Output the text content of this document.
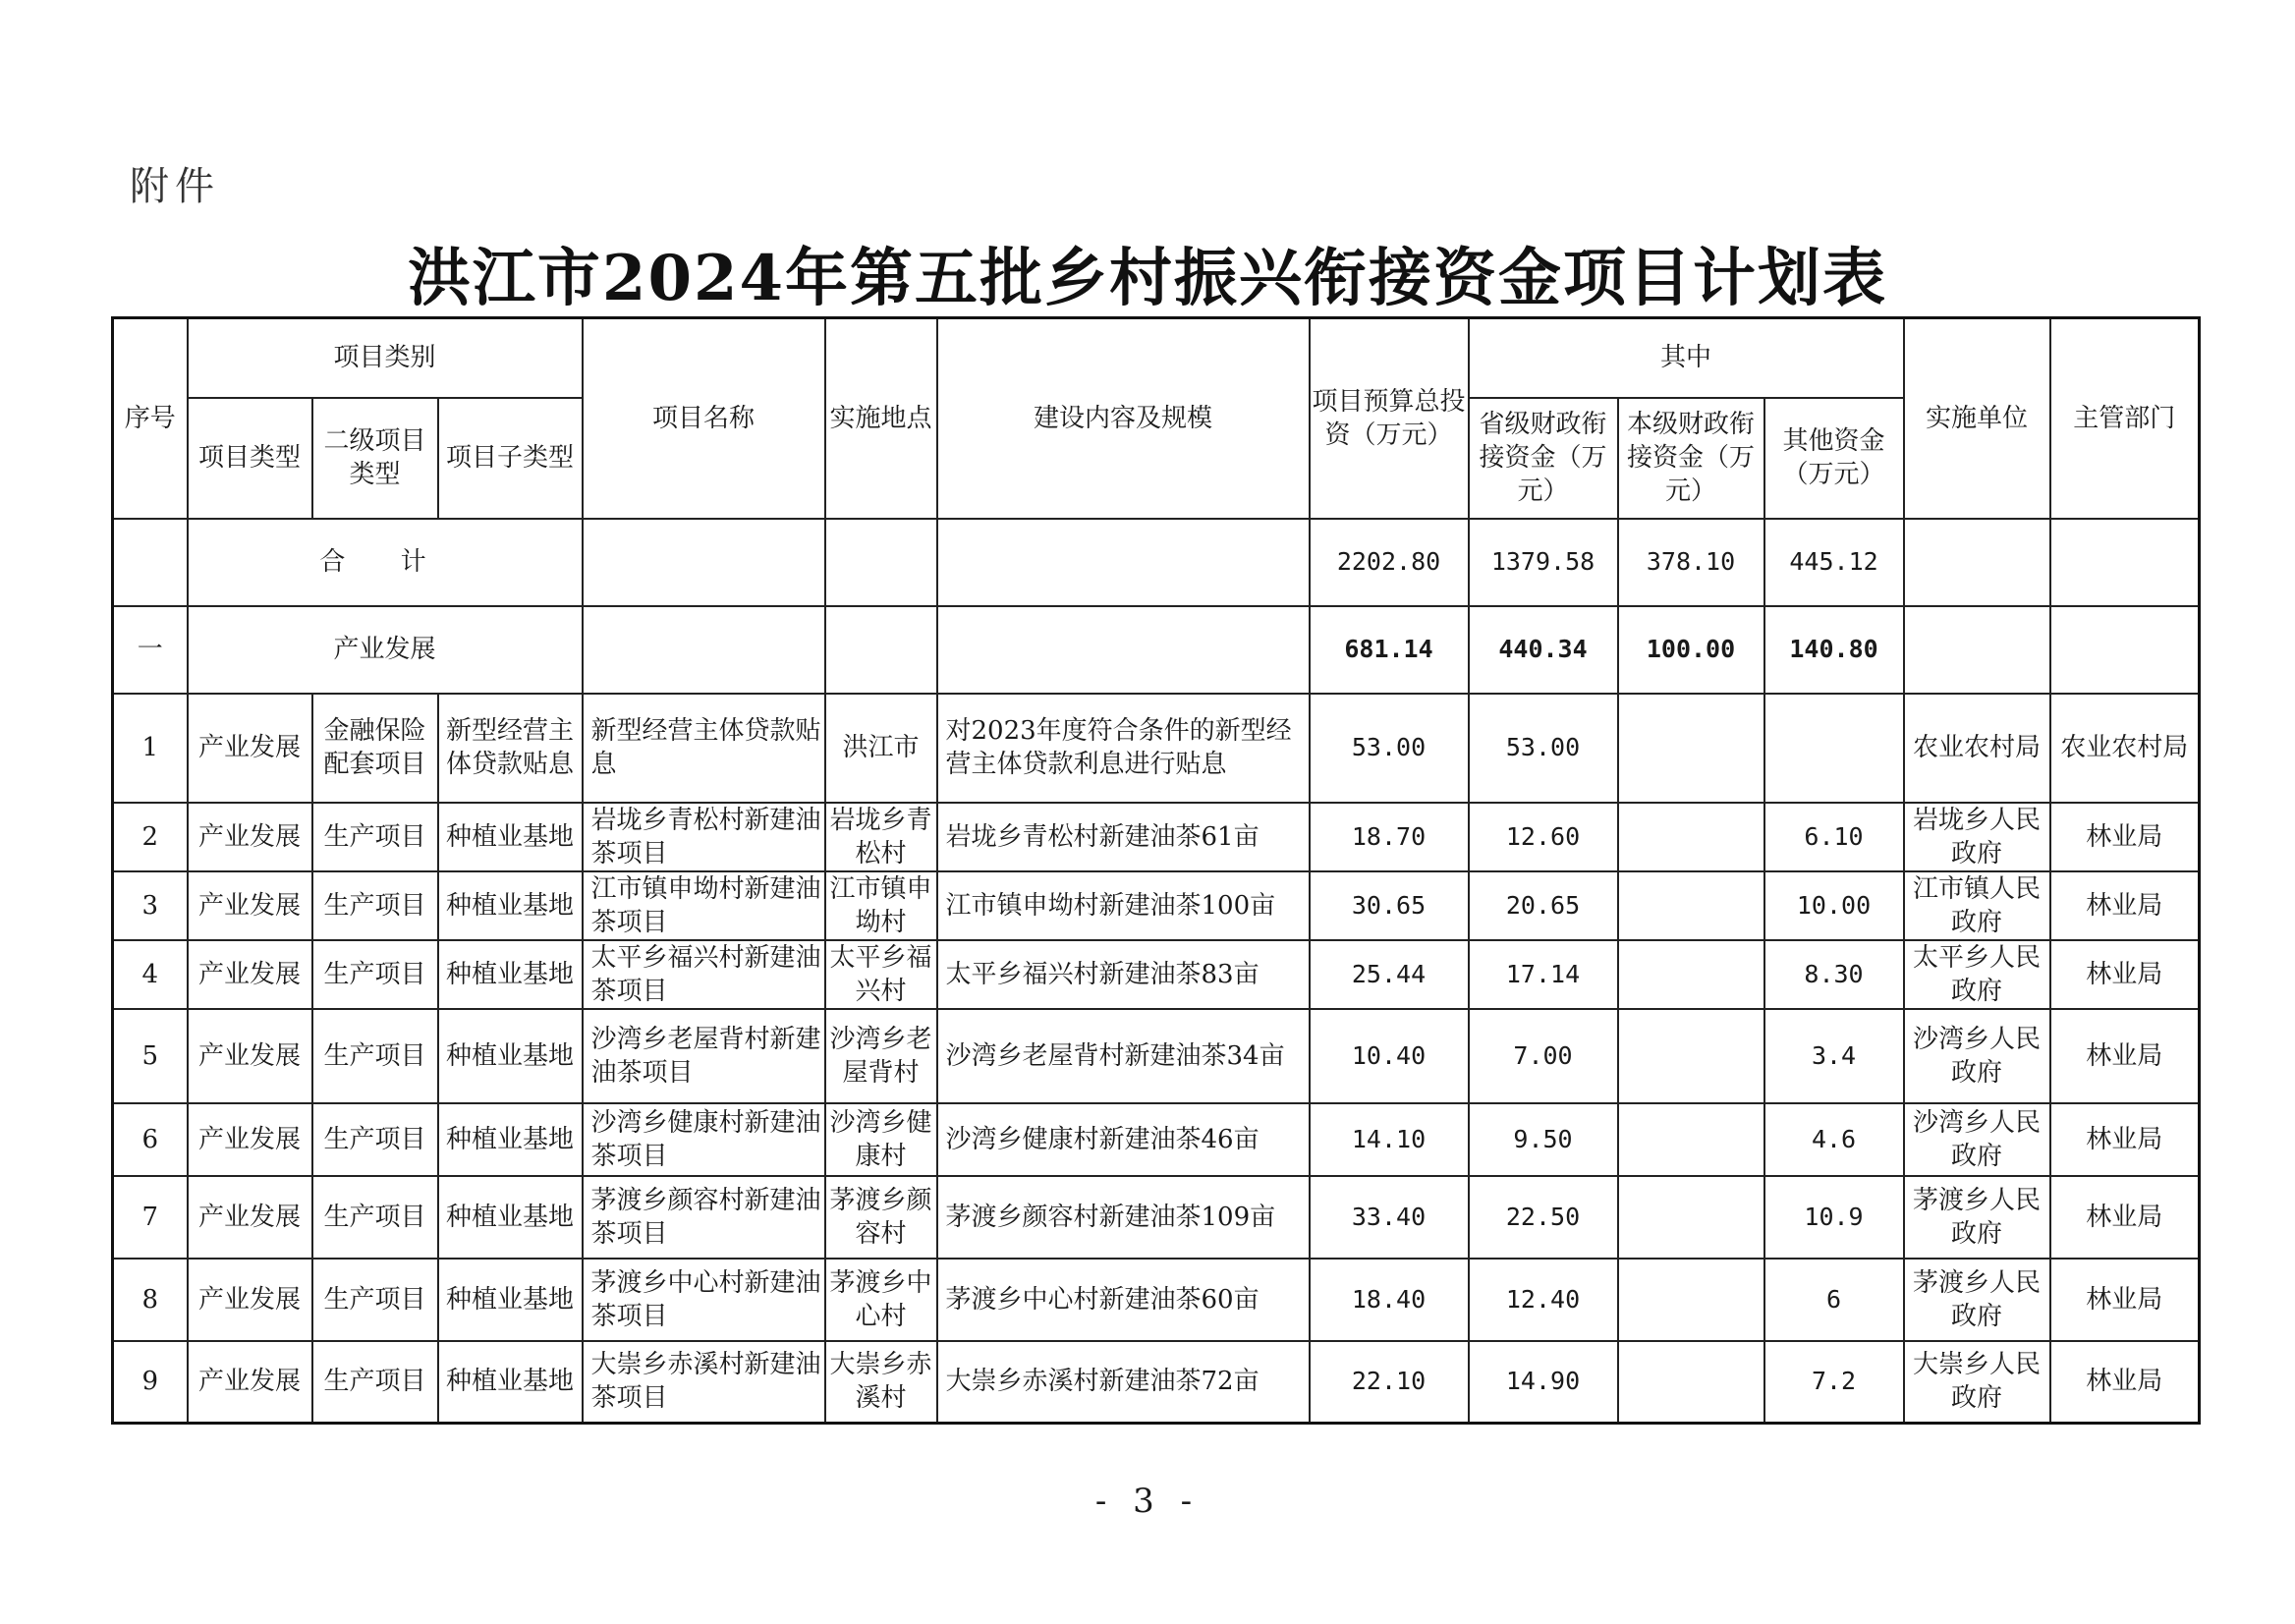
附件
洪江市2024年第五批乡村振兴衔接资金项目计划表
序号	项目类别			项目名称	实施地点	建设内容及规模	项目预算总投资（万元）	其中			实施单位	主管部门
	项目类型	二级项目类型	项目子类型					省级财政衔接资金（万元）	本级财政衔接资金（万元）	其他资金（万元）		
	合 计						2202.80	1379.58	378.10	445.12		
一	产业发展						681.14	440.34	100.00	140.80		
1	产业发展	金融保险配套项目	新型经营主体贷款贴息	新型经营主体贷款贴息	洪江市	对2023年度符合条件的新型经营主体贷款利息进行贴息	53.00	53.00			农业农村局	农业农村局
2	产业发展	生产项目	种植业基地	岩垅乡青松村新建油茶项目	岩垅乡青松村	岩垅乡青松村新建油茶61亩	18.70	12.60		6.10	岩垅乡人民政府	林业局
3	产业发展	生产项目	种植业基地	江市镇申坳村新建油茶项目	江市镇申坳村	江市镇申坳村新建油茶100亩	30.65	20.65		10.00	江市镇人民政府	林业局
4	产业发展	生产项目	种植业基地	太平乡福兴村新建油茶项目	太平乡福兴村	太平乡福兴村新建油茶83亩	25.44	17.14		8.30	太平乡人民政府	林业局
5	产业发展	生产项目	种植业基地	沙湾乡老屋背村新建油茶项目	沙湾乡老屋背村	沙湾乡老屋背村新建油茶34亩	10.40	7.00		3.4	沙湾乡人民政府	林业局
6	产业发展	生产项目	种植业基地	沙湾乡健康村新建油茶项目	沙湾乡健康村	沙湾乡健康村新建油茶46亩	14.10	9.50		4.6	沙湾乡人民政府	林业局
7	产业发展	生产项目	种植业基地	茅渡乡颜容村新建油茶项目	茅渡乡颜容村	茅渡乡颜容村新建油茶109亩	33.40	22.50		10.9	茅渡乡人民政府	林业局
8	产业发展	生产项目	种植业基地	茅渡乡中心村新建油茶项目	茅渡乡中心村	茅渡乡中心村新建油茶60亩	18.40	12.40		6	茅渡乡人民政府	林业局
9	产业发展	生产项目	种植业基地	大崇乡赤溪村新建油茶项目	大崇乡赤溪村	大崇乡赤溪村新建油茶72亩	22.10	14.90		7.2	大崇乡人民政府	林业局
- 3 -
